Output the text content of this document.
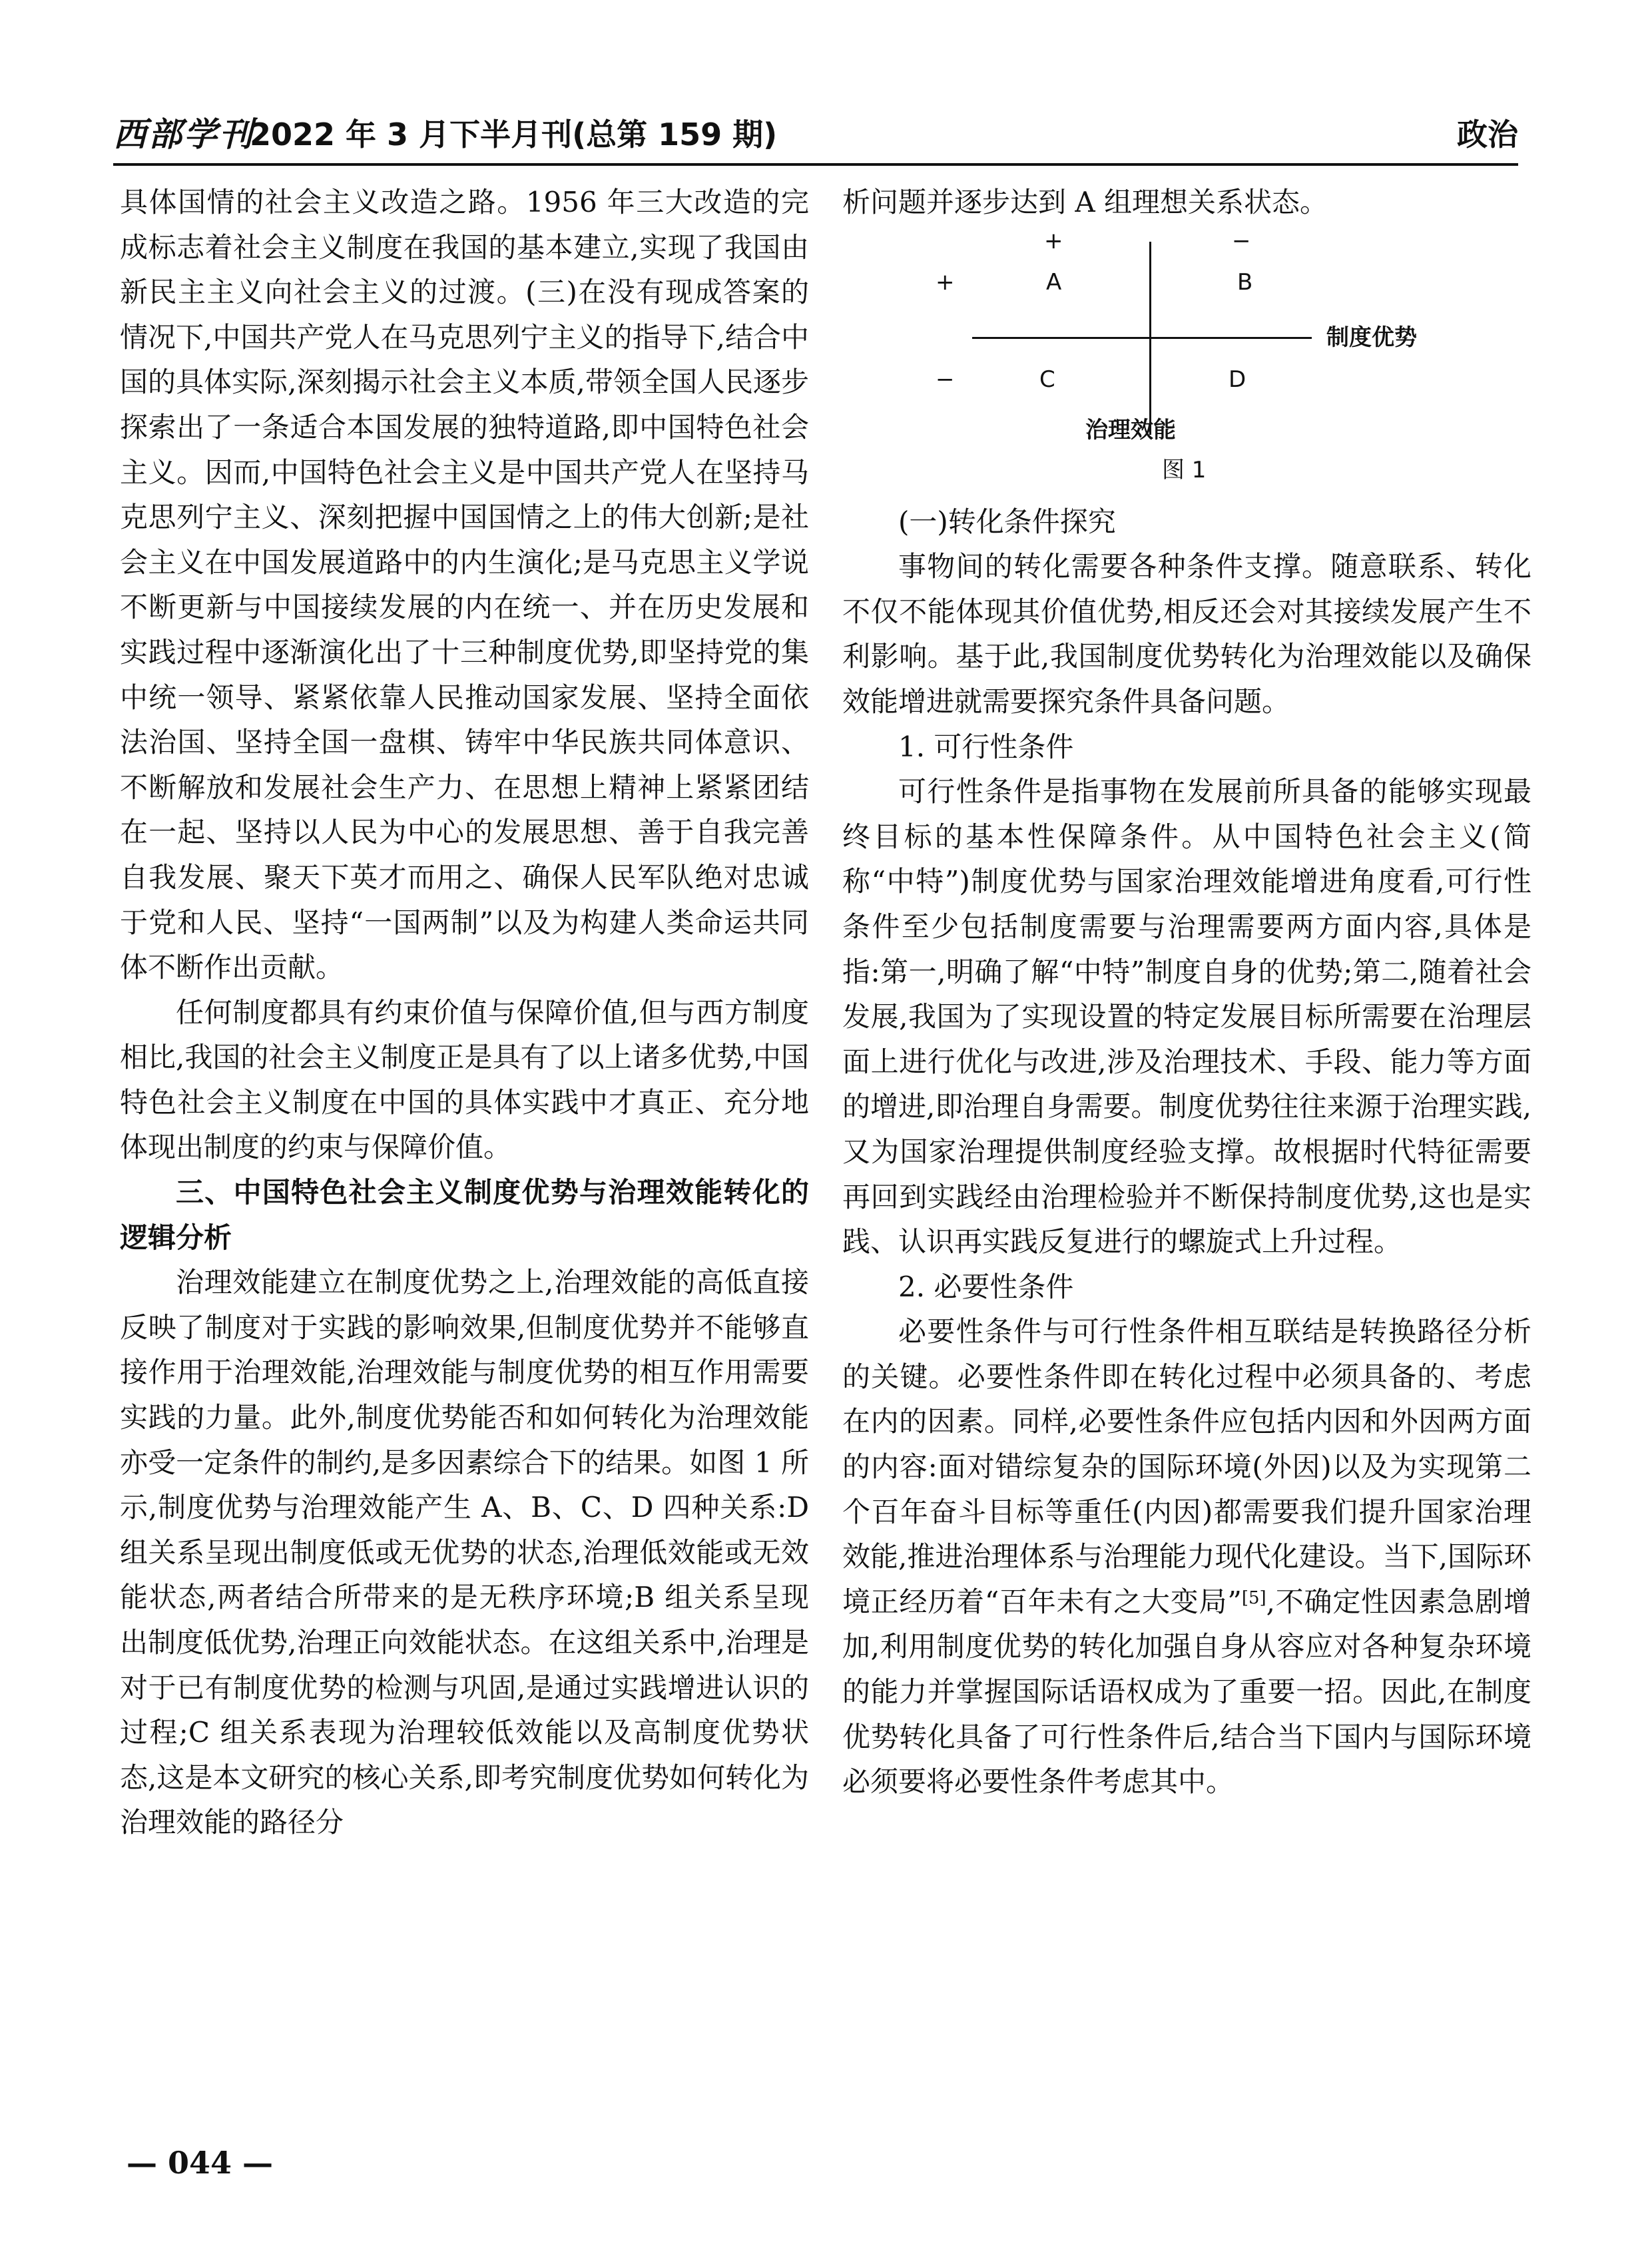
西部学刊
2022 年 3 月下半月刊(总第 159 期)	政治

具体国情的社会主义改造之路。1956 年三大改造的完成标志着社会主义制度在我国的基本建立,实现了我国由新民主主义向社会主义的过渡。(三)在没有现成答案的情况下,中国共产党人在马克思列宁主义的指导下,结合中国的具体实际,深刻揭示社会主义本质,带领全国人民逐步探索出了一条适合本国发展的独特道路,即中国特色社会主义。因而,中国特色社会主义是中国共产党人在坚持马克思列宁主义、深刻把握中国国情之上的伟大创新;是社会主义在中国发展道路中的内生演化;是马克思主义学说不断更新与中国接续发展的内在统一、并在历史发展和实践过程中逐渐演化出了十三种制度优势,即坚持党的集中统一领导、紧紧依靠人民推动国家发展、坚持全面依法治国、坚持全国一盘棋、铸牢中华民族共同体意识、不断解放和发展社会生产力、在思想上精神上紧紧团结在一起、坚持以人民为中心的发展思想、善于自我完善自我发展、聚天下英才而用之、确保人民军队绝对忠诚于党和人民、坚持“一国两制”以及为构建人类命运共同体不断作出贡献。

任何制度都具有约束价值与保障价值,但与西方制度相比,我国的社会主义制度正是具有了以上诸多优势,中国特色社会主义制度在中国的具体实践中才真正、充分地体现出制度的约束与保障价值。

三、中国特色社会主义制度优势与治理效能转化的逻辑分析

治理效能建立在制度优势之上,治理效能的高低直接反映了制度对于实践的影响效果,但制度优势并不能够直接作用于治理效能,治理效能与制度优势的相互作用需要实践的力量。此外,制度优势能否和如何转化为治理效能亦受一定条件的制约,是多因素综合下的结果。如图 1 所示,制度优势与治理效能产生 A、B、C、D 四种关系:D 组关系呈现出制度低或无优势的状态,治理低效能或无效能状态,两者结合所带来的是无秩序环境;B 组关系呈现出制度低优势,治理正向效能状态。在这组关系中,治理是对于已有制度优势的检测与巩固,是通过实践增进认识的过程;C 组关系表现为治理较低效能以及高制度优势状态,这是本文研究的核心关系,即考究制度优势如何转化为治理效能的路径分

析问题并逐步达到 A 组理想关系状态。

+	−
+
−
A	B
C	D
制度优势
治理效能
图 1

(一)转化条件探究

事物间的转化需要各种条件支撑。随意联系、转化不仅不能体现其价值优势,相反还会对其接续发展产生不利影响。基于此,我国制度优势转化为治理效能以及确保效能增进就需要探究条件具备问题。

1. 可行性条件

可行性条件是指事物在发展前所具备的能够实现最终目标的基本性保障条件。从中国特色社会主义(简称“中特”)制度优势与国家治理效能增进角度看,可行性条件至少包括制度需要与治理需要两方面内容,具体是指:第一,明确了解“中特”制度自身的优势;第二,随着社会发展,我国为了实现设置的特定发展目标所需要在治理层面上进行优化与改进,涉及治理技术、手段、能力等方面的增进,即治理自身需要。制度优势往往来源于治理实践,又为国家治理提供制度经验支撑。故根据时代特征需要再回到实践经由治理检验并不断保持制度优势,这也是实践、认识再实践反复进行的螺旋式上升过程。

2. 必要性条件

必要性条件与可行性条件相互联结是转换路径分析的关键。必要性条件即在转化过程中必须具备的、考虑在内的因素。同样,必要性条件应包括内因和外因两方面的内容:面对错综复杂的国际环境(外因)以及为实现第二个百年奋斗目标等重任(内因)都需要我们提升国家治理效能,推进治理体系与治理能力现代化建设。当下,国际环境正经历着“百年未有之大变局”[5],不确定性因素急剧增加,利用制度优势的转化加强自身从容应对各种复杂环境的能力并掌握国际话语权成为了重要一招。因此,在制度优势转化具备了可行性条件后,结合当下国内与国际环境必须要将必要性条件考虑其中。

— 044 —
